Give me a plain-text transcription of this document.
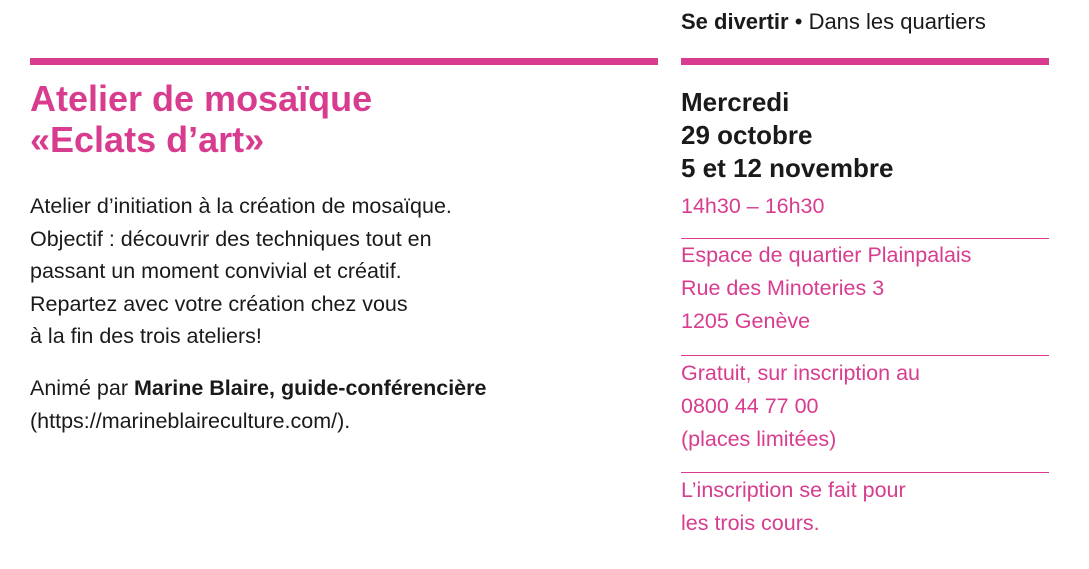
Se divertir • Dans les quartiers
Atelier de mosaïque
«Eclats d’art»
Atelier d’initiation à la création de mosaïque.
Objectif : découvrir des techniques tout en
passant un moment convivial et créatif.
Repartez avec votre création chez vous
à la fin des trois ateliers!
Animé par Marine Blaire, guide-conférencière
(https://marineblaireculture.com/).
Mercredi
29 octobre
5 et 12 novembre
14h30 – 16h30
Espace de quartier Plainpalais
Rue des Minoteries 3
1205 Genève
Gratuit, sur inscription au
0800 44 77 00
(places limitées)
L’inscription se fait pour
les trois cours.
